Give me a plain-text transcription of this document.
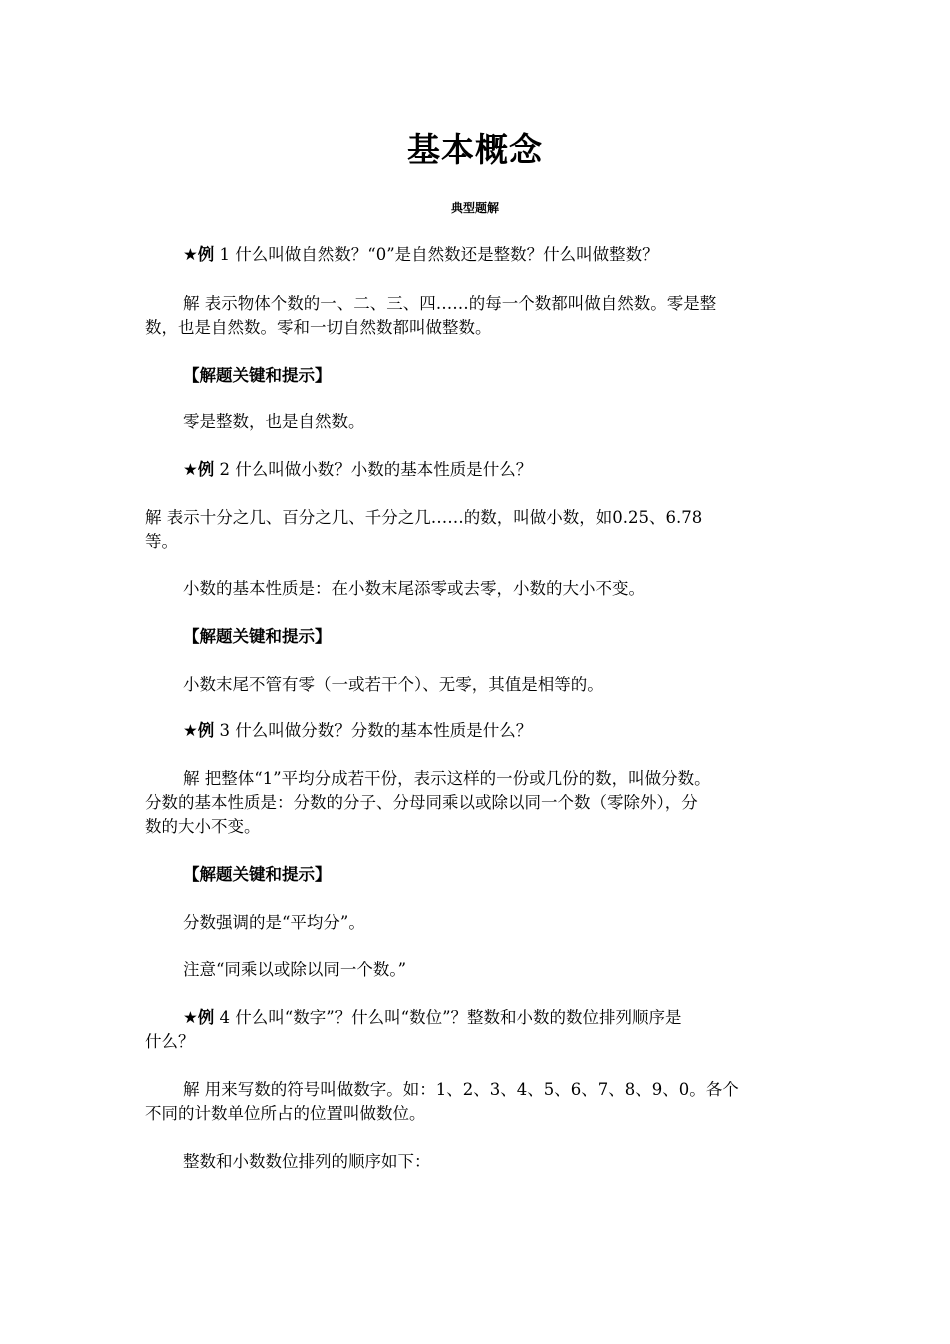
基本概念
典型题解

★例 1 什么叫做自然数？“0”是自然数还是整数？什么叫做整数？

解 表示物体个数的一、二、三、四……的每一个数都叫做自然数。零是整
数，也是自然数。零和一切自然数都叫做整数。

【解题关键和提示】

零是整数，也是自然数。

★例 2 什么叫做小数？小数的基本性质是什么？

解 表示十分之几、百分之几、千分之几……的数，叫做小数，如0.25、6.78
等。

小数的基本性质是：在小数末尾添零或去零，小数的大小不变。

【解题关键和提示】

小数末尾不管有零（一或若干个）、无零，其值是相等的。

★例 3 什么叫做分数？分数的基本性质是什么？

解 把整体“1”平均分成若干份，表示这样的一份或几份的数，叫做分数。
分数的基本性质是：分数的分子、分母同乘以或除以同一个数（零除外），分
数的大小不变。

【解题关键和提示】

分数强调的是“平均分”。

注意“同乘以或除以同一个数。”

★例 4 什么叫“数字”？什么叫“数位”？整数和小数的数位排列顺序是
什么？

解 用来写数的符号叫做数字。如：1、2、3、4、5、6、7、8、9、0。各个
不同的计数单位所占的位置叫做数位。

整数和小数数位排列的顺序如下：
